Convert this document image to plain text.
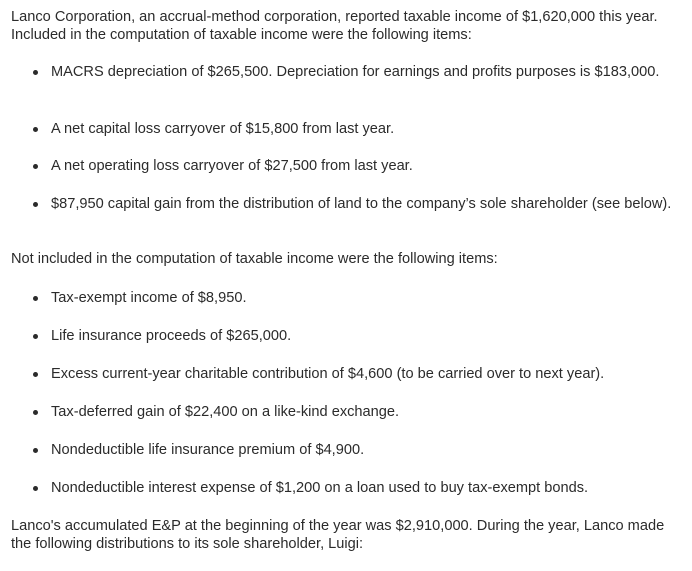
Lanco Corporation, an accrual-method corporation, reported taxable income of $1,620,000 this year. Included in the computation of taxable income were the following items:

MACRS depreciation of $265,500. Depreciation for earnings and profits purposes is $183,000.
A net capital loss carryover of $15,800 from last year.
A net operating loss carryover of $27,500 from last year.
$87,950 capital gain from the distribution of land to the company’s sole shareholder (see below).

Not included in the computation of taxable income were the following items:

Tax-exempt income of $8,950.
Life insurance proceeds of $265,000.
Excess current-year charitable contribution of $4,600 (to be carried over to next year).
Tax-deferred gain of $22,400 on a like-kind exchange.
Nondeductible life insurance premium of $4,900.
Nondeductible interest expense of $1,200 on a loan used to buy tax-exempt bonds.

Lanco's accumulated E&P at the beginning of the year was $2,910,000. During the year, Lanco made the following distributions to its sole shareholder, Luigi:
